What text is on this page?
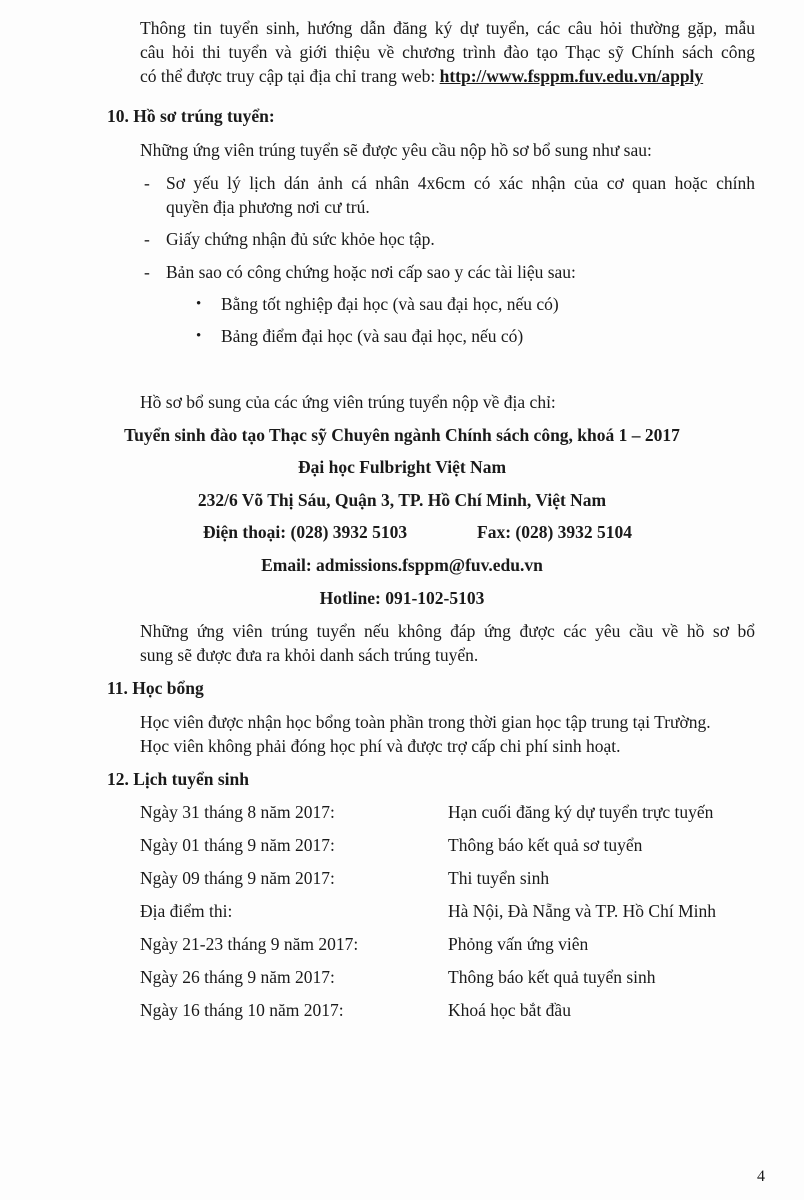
Thông tin tuyển sinh, hướng dẫn đăng ký dự tuyển, các câu hỏi thường gặp, mẫu
câu hỏi thi tuyển và giới thiệu về chương trình đào tạo Thạc sỹ Chính sách công
có thể được truy cập tại địa chỉ trang web: http://www.fsppm.fuv.edu.vn/apply
10. Hồ sơ trúng tuyển:
Những ứng viên trúng tuyển sẽ được yêu cầu nộp hồ sơ bổ sung như sau:
- Sơ yếu lý lịch dán ảnh cá nhân 4x6cm có xác nhận của cơ quan hoặc chính
quyền địa phương nơi cư trú.
- Giấy chứng nhận đủ sức khỏe học tập.
- Bản sao có công chứng hoặc nơi cấp sao y các tài liệu sau:
• Bằng tốt nghiệp đại học (và sau đại học, nếu có)
• Bảng điểm đại học (và sau đại học, nếu có)
Hồ sơ bổ sung của các ứng viên trúng tuyển nộp về địa chỉ:
Tuyển sinh đào tạo Thạc sỹ Chuyên ngành Chính sách công, khoá 1 – 2017
Đại học Fulbright Việt Nam
232/6 Võ Thị Sáu, Quận 3, TP. Hồ Chí Minh, Việt Nam
Điện thoại: (028) 3932 5103	Fax: (028) 3932 5104
Email: admissions.fsppm@fuv.edu.vn
Hotline: 091-102-5103
Những ứng viên trúng tuyển nếu không đáp ứng được các yêu cầu về hồ sơ bổ
sung sẽ được đưa ra khỏi danh sách trúng tuyển.
11. Học bổng
Học viên được nhận học bổng toàn phần trong thời gian học tập trung tại Trường.
Học viên không phải đóng học phí và được trợ cấp chi phí sinh hoạt.
12. Lịch tuyển sinh
Ngày 31 tháng 8 năm 2017:	Hạn cuối đăng ký dự tuyển trực tuyến
Ngày 01 tháng 9 năm 2017:	Thông báo kết quả sơ tuyển
Ngày 09 tháng 9 năm 2017:	Thi tuyển sinh
Địa điểm thi:	Hà Nội, Đà Nẵng và TP. Hồ Chí Minh
Ngày 21-23 tháng 9 năm 2017:	Phỏng vấn ứng viên
Ngày 26 tháng 9 năm 2017:	Thông báo kết quả tuyển sinh
Ngày 16 tháng 10 năm 2017:	Khoá học bắt đầu
4
